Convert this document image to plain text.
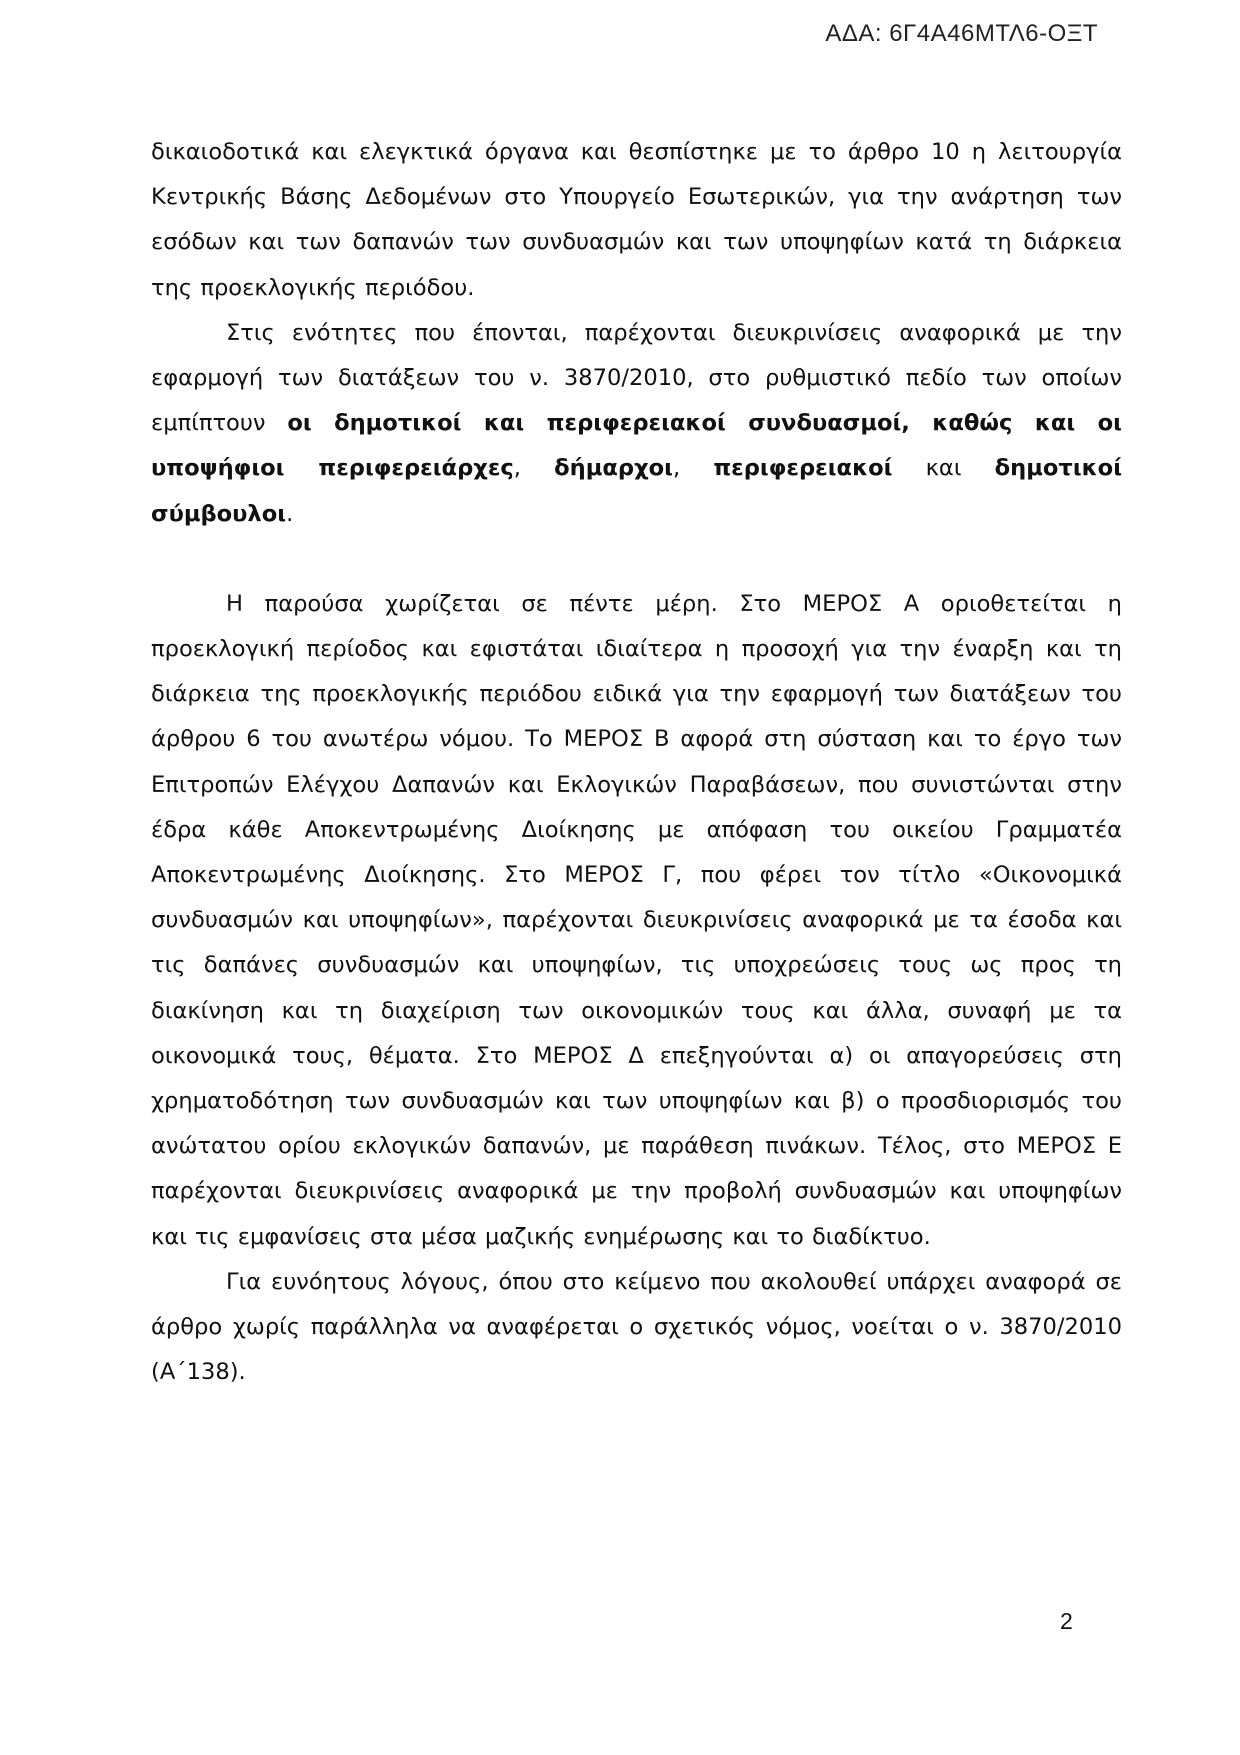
ΑΔΑ: 6Γ4Α46ΜΤΛ6-ΟΞΤ

δικαιοδοτικά και ελεγκτικά όργανα και θεσπίστηκε με το άρθρο 10 η λειτουργία Κεντρικής Βάσης Δεδομένων στο Υπουργείο Εσωτερικών, για την ανάρτηση των εσόδων και των δαπανών των συνδυασμών και των υποψηφίων κατά τη διάρκεια της προεκλογικής περιόδου.

Στις ενότητες που έπονται, παρέχονται διευκρινίσεις αναφορικά με την εφαρμογή των διατάξεων του ν. 3870/2010, στο ρυθμιστικό πεδίο των οποίων εμπίπτουν οι δημοτικοί και περιφερειακοί συνδυασμοί, καθώς και οι υποψήφιοι περιφερειάρχες, δήμαρχοι, περιφερειακοί και δημοτικοί σύμβουλοι.

Η παρούσα χωρίζεται σε πέντε μέρη. Στο ΜΕΡΟΣ Α οριοθετείται η προεκλογική περίοδος και εφιστάται ιδιαίτερα η προσοχή για την έναρξη και τη διάρκεια της προεκλογικής περιόδου ειδικά για την εφαρμογή των διατάξεων του άρθρου 6 του ανωτέρω νόμου. Το ΜΕΡΟΣ Β αφορά στη σύσταση και το έργο των Επιτροπών Ελέγχου Δαπανών και Εκλογικών Παραβάσεων, που συνιστώνται στην έδρα κάθε Αποκεντρωμένης Διοίκησης με απόφαση του οικείου Γραμματέα Αποκεντρωμένης Διοίκησης. Στο ΜΕΡΟΣ Γ, που φέρει τον τίτλο «Οικονομικά συνδυασμών και υποψηφίων», παρέχονται διευκρινίσεις αναφορικά με τα έσοδα και τις δαπάνες συνδυασμών και υποψηφίων, τις υποχρεώσεις τους ως προς τη διακίνηση και τη διαχείριση των οικονομικών τους και άλλα, συναφή με τα οικονομικά τους, θέματα. Στο ΜΕΡΟΣ Δ επεξηγούνται α) οι απαγορεύσεις στη χρηματοδότηση των συνδυασμών και των υποψηφίων και β) ο προσδιορισμός του ανώτατου ορίου εκλογικών δαπανών, με παράθεση πινάκων. Τέλος, στο ΜΕΡΟΣ Ε παρέχονται διευκρινίσεις αναφορικά με την προβολή συνδυασμών και υποψηφίων και τις εμφανίσεις στα μέσα μαζικής ενημέρωσης και το διαδίκτυο.

Για ευνόητους λόγους, όπου στο κείμενο που ακολουθεί υπάρχει αναφορά σε άρθρο χωρίς παράλληλα να αναφέρεται ο σχετικός νόμος, νοείται ο ν. 3870/2010 (Α΄138).

2
